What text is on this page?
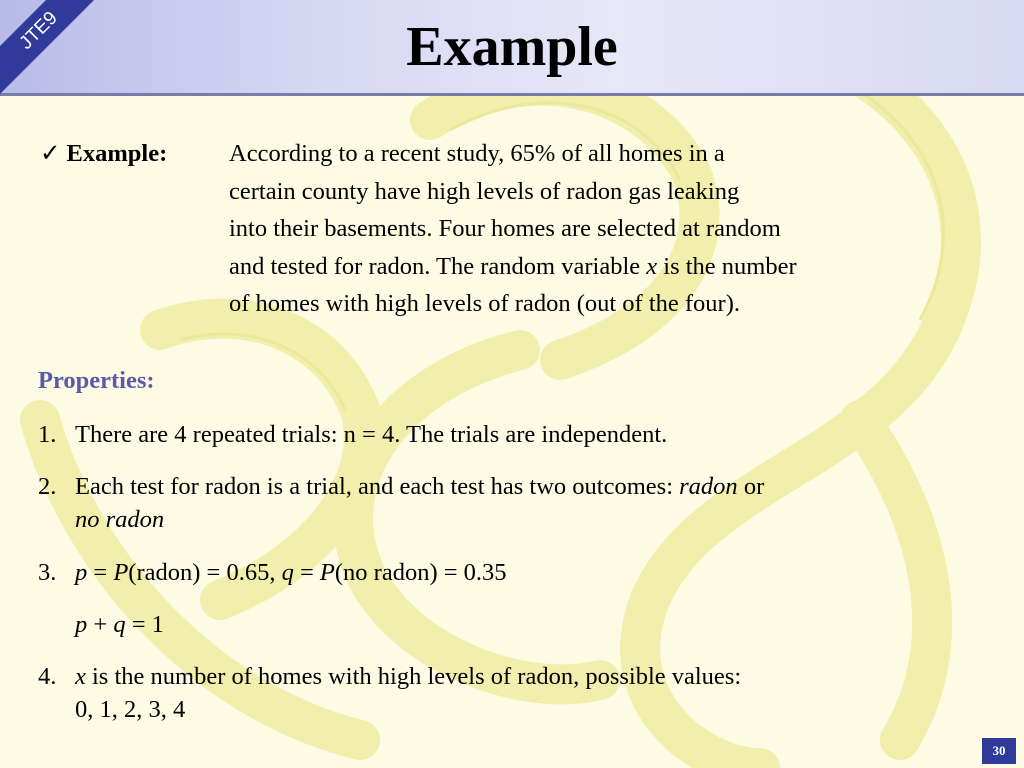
JTE9	Example
✓ Example:	According to a recent study, 65% of all homes in a
certain county have high levels of radon gas leaking
into their basements. Four homes are selected at random
and tested for radon. The random variable x is the number
of homes with high levels of radon (out of the four).
Properties:
1. There are 4 repeated trials: n = 4. The trials are independent.
2. Each test for radon is a trial, and each test has two outcomes: radon or
no radon
3. p = P(radon) = 0.65, q = P(no radon) = 0.35
p + q = 1
4. x is the number of homes with high levels of radon, possible values:
0, 1, 2, 3, 4
30
